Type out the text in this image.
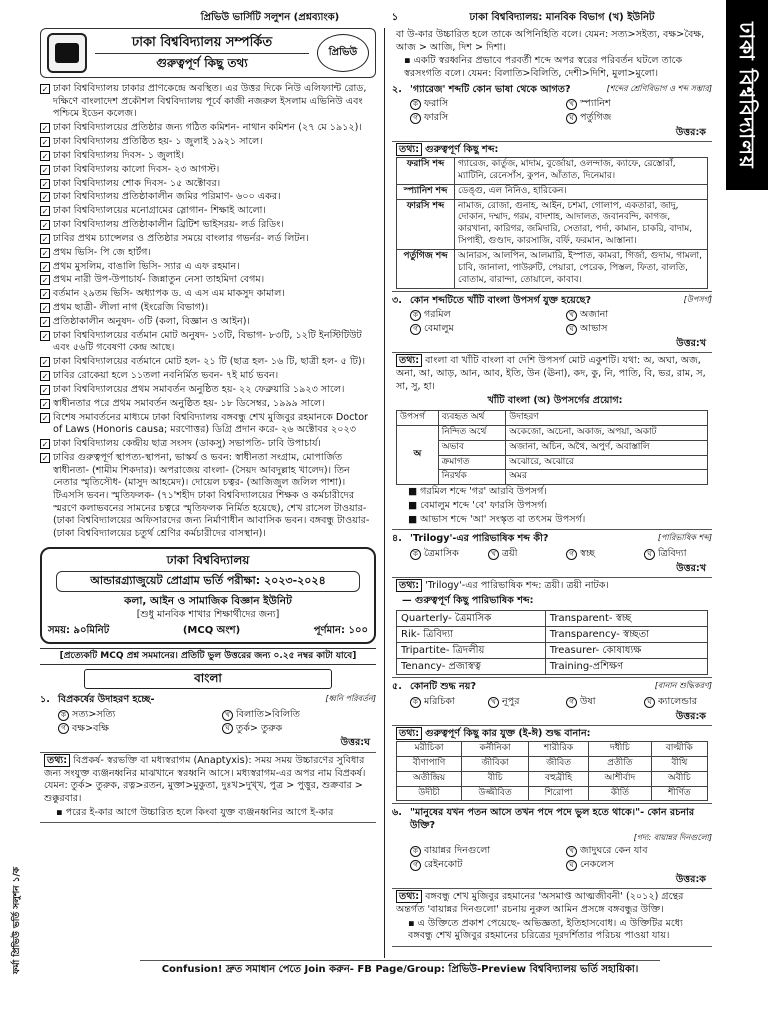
প্রিভিউ ভার্সিটি সলুশন (প্রশ্নব্যাংক)	১	ঢাকা বিশ্ববিদ্যালয়: মানবিক বিভাগ (খ) ইউনিট
ঢাকা বিশ্ববিদ্যালয়
ফর্মা প্রিভিউ ভর্তি সলুশন ১/ক
ঢাকা বিশ্ববিদ্যালয় সম্পর্কিত
গুরুত্বপূর্ণ কিছু তথ্য
প্রিভিউ
✓ ঢাকা বিশ্ববিদ্যালয় ঢাকার প্রাণকেন্দ্রে অবস্থিত। এর উত্তর দিকে নিউ এলিফ্যান্ট রোড, দক্ষিণে বাংলাদেশ প্রকৌশল বিশ্ববিদ্যালয় পূর্বে কাজী নজরুল ইসলাম এভিনিউ এবং পশ্চিমে ইডেন কলেজ।
✓ ঢাকা বিশ্ববিদ্যালয়ের প্রতিষ্ঠার জন্য গঠিত কমিশন- নাথান কমিশন (২৭ মে ১৯১২)।
✓ ঢাকা বিশ্ববিদ্যালয় প্রতিষ্ঠিত হয়- ১ জুলাই ১৯২১ সালে।
✓ ঢাকা বিশ্ববিদ্যালয় দিবস- ১ জুলাই।
✓ ঢাকা বিশ্ববিদ্যালয় কালো দিবস- ২৩ আগস্ট।
✓ ঢাকা বিশ্ববিদ্যালয় শোক দিবস- ১৫ অক্টোবর।
✓ ঢাকা বিশ্ববিদ্যালয় প্রতিষ্ঠাকালীন জমির পরিমাণ- ৬০০ একর।
✓ ঢাকা বিশ্ববিদ্যালয়ের মনোগ্রামের স্লোগান- শিক্ষাই আলো।
✓ ঢাকা বিশ্ববিদ্যালয় প্রতিষ্ঠাকালীন ব্রিটিশ ভাইসরয়- লর্ড রিডিং।
✓ ঢাবির প্রথম চ্যান্সেলর ও প্রতিষ্ঠার সময়ে বাংলার গভর্নর- লর্ড লিটন।
✓ প্রথম ভিসি- পি জে হার্টগ।
✓ প্রথম মুসলিম, বাঙালি ভিসি- স্যার এ এফ রহমান।
✓ প্রথম নারী উপ-উপাচার্য- জিন্নাতুন নেসা তাহমিদা বেগম।
✓ বর্তমান ২৯তম ভিসি- অধ্যাপক ড. এ এস এম মাকসুদ কামাল।
✓ প্রথম ছাত্রী- লীলা নাগ (ইংরেজি বিভাগ)।
✓ প্রতিষ্ঠাকালীন অনুষদ- ৩টি (কলা, বিজ্ঞান ও আইন)।
✓ ঢাকা বিশ্ববিদ্যালয়ের বর্তমান মোট অনুষদ- ১৩টি, বিভাগ- ৮৩টি, ১২টি ইনস্টিটিউট এবং ৫৬টি গবেষণা কেন্দ্র আছে।
✓ ঢাকা বিশ্ববিদ্যালয়ের বর্তমানে মোট হল- ২১ টি (ছাত্র হল- ১৬ টি, ছাত্রী হল- ৫ টি)।
✓ ঢাবির রোকেয়া হলে ১১তলা নবনির্মিত ভবন- ৭ই মার্চ ভবন।
✓ ঢাকা বিশ্ববিদ্যালয়ের প্রথম সমাবর্তন অনুষ্ঠিত হয়- ২২ ফেব্রুয়ারি ১৯২৩ সালে।
✓ স্বাধীনতার পরে প্রথম সমাবর্তন অনুষ্ঠিত হয়- ১৮ ডিসেম্বর, ১৯৯৯ সালে।
✓ বিশেষ সমাবর্তনের মাধ্যমে ঢাকা বিশ্ববিদ্যালয় বঙ্গবন্ধু শেখ মুজিবুর রহমানকে Doctor of Laws (Honoris causa; মরণোত্তর) ডিগ্রি প্রদান করে- ২৬ অক্টোবর ২০২৩
✓ ঢাকা বিশ্ববিদ্যালয় কেন্দ্রীয় ছাত্র সংসদ (ডাকসু) সভাপতি- ঢাবি উপাচার্য।
✓ ঢাবির গুরুত্বপূর্ণ স্থাপত্য-স্থাপনা, ভাস্কর্য ও ভবন: স্বাধীনতা সংগ্রাম, মোপার্জিত স্বাধীনতা- (শামীম শিকদার)। অপরাজেয় বাংলা- (সৈয়দ আবদুল্লাহ খালেদ)। তিন নেতার স্মৃতিসৌধ- (মাসুদ আহমেদ)। দোয়েল চত্বর- (আজিজুল জলিল পাশা)। টিএসসি ভবন। স্মৃতিফলক- (৭১'শহীদ ঢাকা বিশ্ববিদ্যালয়ের শিক্ষক ও কর্মচারীদের স্মরণে কলাভবনের সামনের চত্বরে স্মৃতিফলক নির্মিত হয়েছে), শেখ রাসেল টাওয়ার- (ঢাকা বিশ্ববিদ্যালয়ের অফিসারদের জন্য নির্মাণাধীন আবাসিক ভবন। বঙ্গবন্ধু টাওয়ার- (ঢাকা বিশ্ববিদ্যালয়ের চতুর্থ শ্রেণির কর্মচারীদের বাসস্থান)।
ঢাকা বিশ্ববিদ্যালয়
আন্ডারগ্র্যাজুয়েট প্রোগ্রাম ভর্তি পরীক্ষা: ২০২৩-২০২৪
কলা, আইন ও সামাজিক বিজ্ঞান ইউনিট
[শুধু মানবিক শাখার শিক্ষার্থীদের জন্য]
সময়: ৯০মিনিট	(MCQ অংশ)	পূর্ণমান: ১০০
[প্রত্যেকটি MCQ প্রশ্ন সমমানের। প্রতিটি ভুল উত্তরের জন্য ০.২৫ নম্বর কাটা যাবে]
বাংলা
১. বিপ্রকর্ষের উদাহরণ হচ্ছে-	[ধ্বনি পরিবর্তন]
ক সত্য>সত্যি	খ বিলাতি>বিলিতি
গ বক্ষ>বক্ষি	ঘ তুর্ক> তুরুক
উত্তর:ঘ
তথ্য: বিপ্রকর্ষ- স্বরভক্তি বা মধ্যস্বরাগম (Anaptyxis): সময় সময় উচ্চারণের সুবিধার জন্য সংযুক্ত ব্যঞ্জনধ্বনির মাঝখানে স্বরধ্বনি আসে। মধ্যস্বরাগম-এর অপর নাম বিপ্রকর্ষ। যেমন: তুর্ক> তুরুক, রত্ন>রতন, মুক্তা>মুকুতা, দুঃখ>দুখ্খ, পুত্র > পুত্তুর, শুক্রবার > শুক্কুরবার।
▪ পরের ই-কার আগে উচ্চারিত হলে কিংবা যুক্ত ব্যঞ্জনধ্বনির আগে ই-কার
বা উ-কার উচ্চারিত হলে তাকে অপিনিহিতি বলে। যেমন: সত্য>সইত্য, বক্ষ>বৈক্ষ, আজ > আজি, দিশ > দিশা।
▪ একটি স্বরধ্বনির প্রভাবে পরবর্তী শব্দে অপর স্বরের পরিবর্তন ঘটলে তাকে স্বরসংগতি বলে। যেমন: বিলাতি>বিলিতি, দেশী>দিশি, মুলা>মুলো।
২. 'গ্যারেজ' শব্দটি কোন ভাষা থেকে আগত?	[শব্দের শ্রেণিবিভাগ ও শব্দ সম্ভার]
ক ফরাসি	খ স্প্যানিশ
গ ফারসি	ঘ পর্তুগিজ
উত্তর:ক
তথ্য: গুরুত্বপূর্ণ কিছু শব্দ:
ফরাসি শব্দ	গ্যারেজ, কার্তুজ, মাদাম, বুর্জোয়া, ওলন্দাজ, ক্যাফে, রেস্তোরাঁ, ম্যাটিনি, রেনেসাঁস, কুপন, আঁতাত, দিনেমার।
স্প্যানিশ শব্দ	ডেঙ্গু, এল নিনিও, হারিকেন।
ফারসি শব্দ	নামাজ, রোজা, গুনাহ, আইন, চশমা, গোলাপ, একতারা, জাদু, দোকান, দম্মাদ, গরম, বাদশাহ, আদালত, জবানবন্দি, কাগজ, কারখানা, কারিগর, জমিদারি, সেতারা, পর্দা, কামান, চাকরি, বাদাম, সিপাহী, গুণ্ডাদ, কারসাজি, বর্ফি, ফরমান, আস্তানা।
পর্তুগিজ শব্দ	আনারস, আলপিন, আলমারি, ইস্পাত, কামরা, গির্জা, গুদাম, গামলা, চাবি, জানালা, পাউরুটি, পেয়ারা, পেরেক, পিস্তল, ফিতা, বালতি, বোতাম, বারান্দা, তোয়ালে, কাবাব।
৩. কোন শব্দটিতে খাঁটি বাংলা উপসর্গ যুক্ত হয়েছে?	[উপসর্গ]
ক গরমিল	খ অজানা
গ বেমালুম	ঘ আভাস
উত্তর:খ
তথ্য: বাংলা বা খাঁটি বাংলা বা দেশি উপসর্গ মোট একুশটি। যথা: অ, অঘা, অজ, অনা, আ, আড়, আন, আব, ইতি, উন (ঊনা), কদ, কু, নি, পাতি, বি, ভর, রাম, স, সা, সু, হা।
খাঁটি বাংলা (অ) উপসর্গের প্রয়োগ:
উপসর্গ	ব্যবহৃত অর্থ	উদাহরণ
অ	নিন্দিত অর্থে	অকেজো, অচেনা, অকাজ, অপয়া, অকাট
	অভাব	অজানা, অচিন, অথৈ, অপুর্ণ, অবাস্তালি
	ক্রমাগত	অঝোরে, অঝোরে
	নিরর্থক	অমর
■ গরমিল শব্দে 'গর' আরবি উপসর্গ।
■ বেমালুম শব্দে 'বে' ফারসি উপসর্গ।
■ আভাস শব্দে 'আ' সংস্কৃত বা তৎসম উপসর্গ।
৪. 'Trilogy'-এর পারিভাষিক শব্দ কী?	[পারিভাষিক শব্দ]
ক ত্রৈমাসিক	খ ত্রয়ী	গ স্বচ্ছ	ঘ ত্রিবিদ্যা
উত্তর:খ
তথ্য: 'Trilogy'-এর পারিভাষিক শব্দ: ত্রয়ী। ত্রয়ী নাটক।
— গুরুত্বপূর্ণ কিছু পারিভাষিক শব্দ:
Quarterly- ত্রৈমাসিক	Transparent- স্বচ্ছ
Rik- ত্রিবিদ্যা	Transparency- স্বচ্ছতা
Tripartite- ত্রিদলীয়	Treasurer- কোষাধ্যক্ষ
Tenancy- প্রজাস্বত্ব	Training-প্রশিক্ষণ
৫. কোনটি শুদ্ধ নয়?	[বানান শুদ্ধিকরণ]
ক মরিচিকা	খ নূপুর	গ উষা	ঘ ক্যালেন্ডার
উত্তর:ক
তথ্য: গুরুত্বপূর্ণ কিছু কার যুক্ত (ই-ঈ) শুদ্ধ বানান:
মরীচিকা	কর্নীনিকা	শারীরিক	দধীচি	বাল্মীকি
বীণাপাণি	জীবিকা	জীবিত	প্রতীতি	বীথি
অতীন্দ্রিয়	বীচি	বহুব্রীহি	আশীর্বাদ	অবীচি
উদীচী	উজ্জীবিত	শিরোপা	কীর্তি	শীর্ণিত
৬. "মানুষের যখন পতন আসে তখন পদে পদে ভুল হতে থাকে।"- কোন রচনার উক্তি?
[গদ্য: বায়ান্নর দিনগুলো]
ক বায়ান্নর দিনগুলো	খ জাদুঘরে কেন যাব
গ রেইনকোট	ঘ নেকলেস
উত্তর:ক
তথ্য: বঙ্গবন্ধু শেখ মুজিবুর রহমানের 'অসমাপ্ত আত্মজীবনী' (২০১২) গ্রন্থের অন্তর্গত 'বায়ান্নর দিনগুলো' রচনায় নুরুল আমিন প্রসঙ্গে বঙ্গবন্ধুর উক্তি।
▪ এ উক্তিতে প্রকাশ পেয়েছে- অভিজ্ঞতা, ইতিহাসবোধ। এ উক্তিটির মধ্যে বঙ্গবন্ধু শেখ মুজিবুর রহমানের চরিত্রের দূরদর্শিতার পরিচয় পাওয়া যায়।
Confusion! দ্রুত সমাধান পেতে Join করুন- FB Page/Group: প্রিভিউ-Preview বিশ্ববিদ্যালয় ভর্তি সহায়িকা।
